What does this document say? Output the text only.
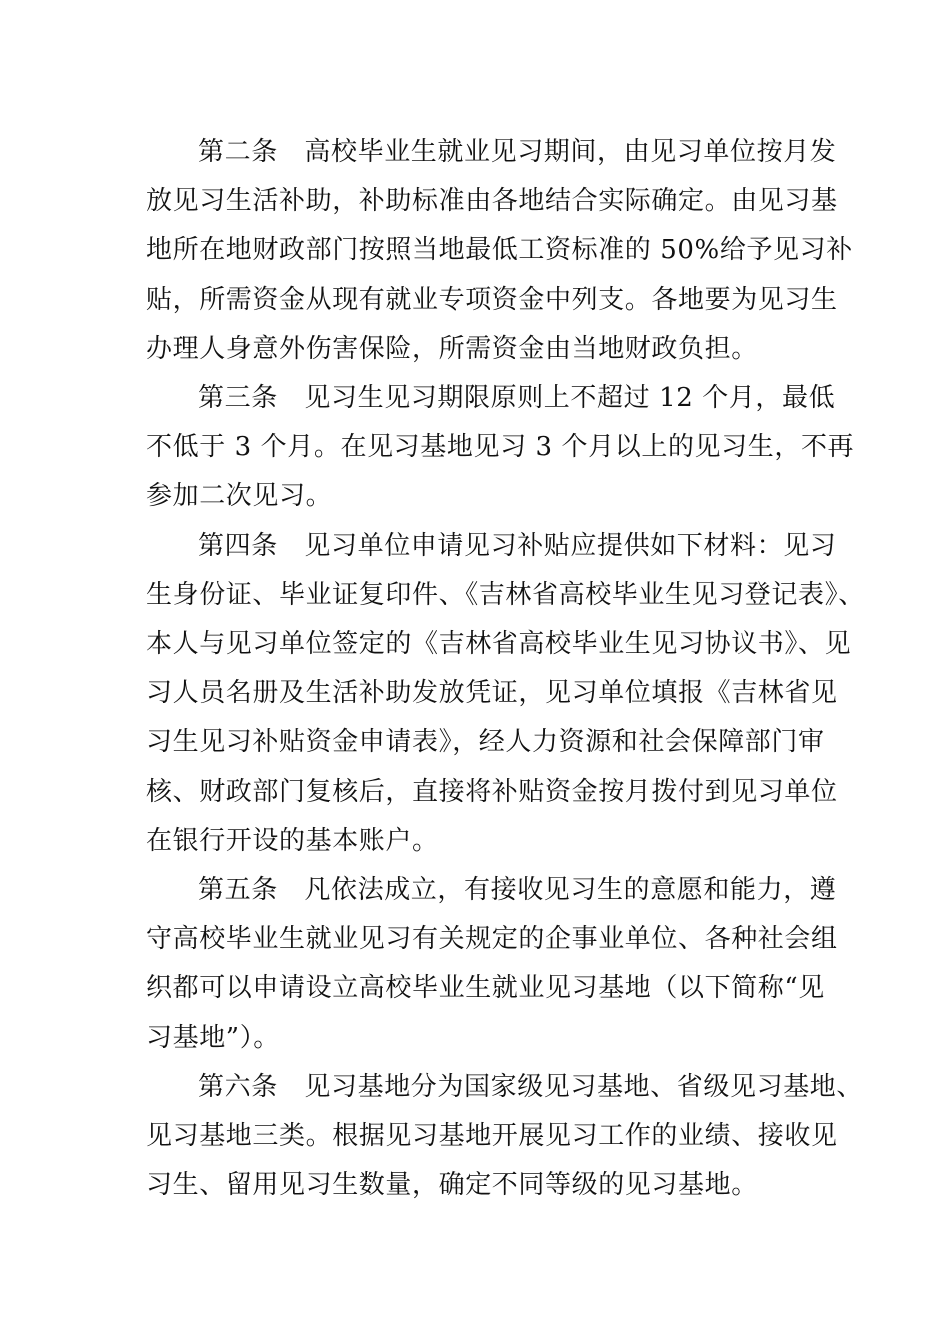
第二条　高校毕业生就业见习期间，由见习单位按月发
放见习生活补助，补助标准由各地结合实际确定。由见习基
地所在地财政部门按照当地最低工资标准的 50%给予见习补
贴，所需资金从现有就业专项资金中列支。各地要为见习生
办理人身意外伤害保险，所需资金由当地财政负担。

第三条　见习生见习期限原则上不超过 12 个月，最低
不低于 3 个月。在见习基地见习 3 个月以上的见习生，不再
参加二次见习。

第四条　见习单位申请见习补贴应提供如下材料：见习
生身份证、毕业证复印件、《吉林省高校毕业生见习登记表》、
本人与见习单位签定的《吉林省高校毕业生见习协议书》、见
习人员名册及生活补助发放凭证，见习单位填报《吉林省见
习生见习补贴资金申请表》，经人力资源和社会保障部门审
核、财政部门复核后，直接将补贴资金按月拨付到见习单位
在银行开设的基本账户。

第五条　凡依法成立，有接收见习生的意愿和能力，遵
守高校毕业生就业见习有关规定的企事业单位、各种社会组
织都可以申请设立高校毕业生就业见习基地（以下简称“见
习基地”）。

第六条　见习基地分为国家级见习基地、省级见习基地、
见习基地三类。根据见习基地开展见习工作的业绩、接收见
习生、留用见习生数量，确定不同等级的见习基地。
